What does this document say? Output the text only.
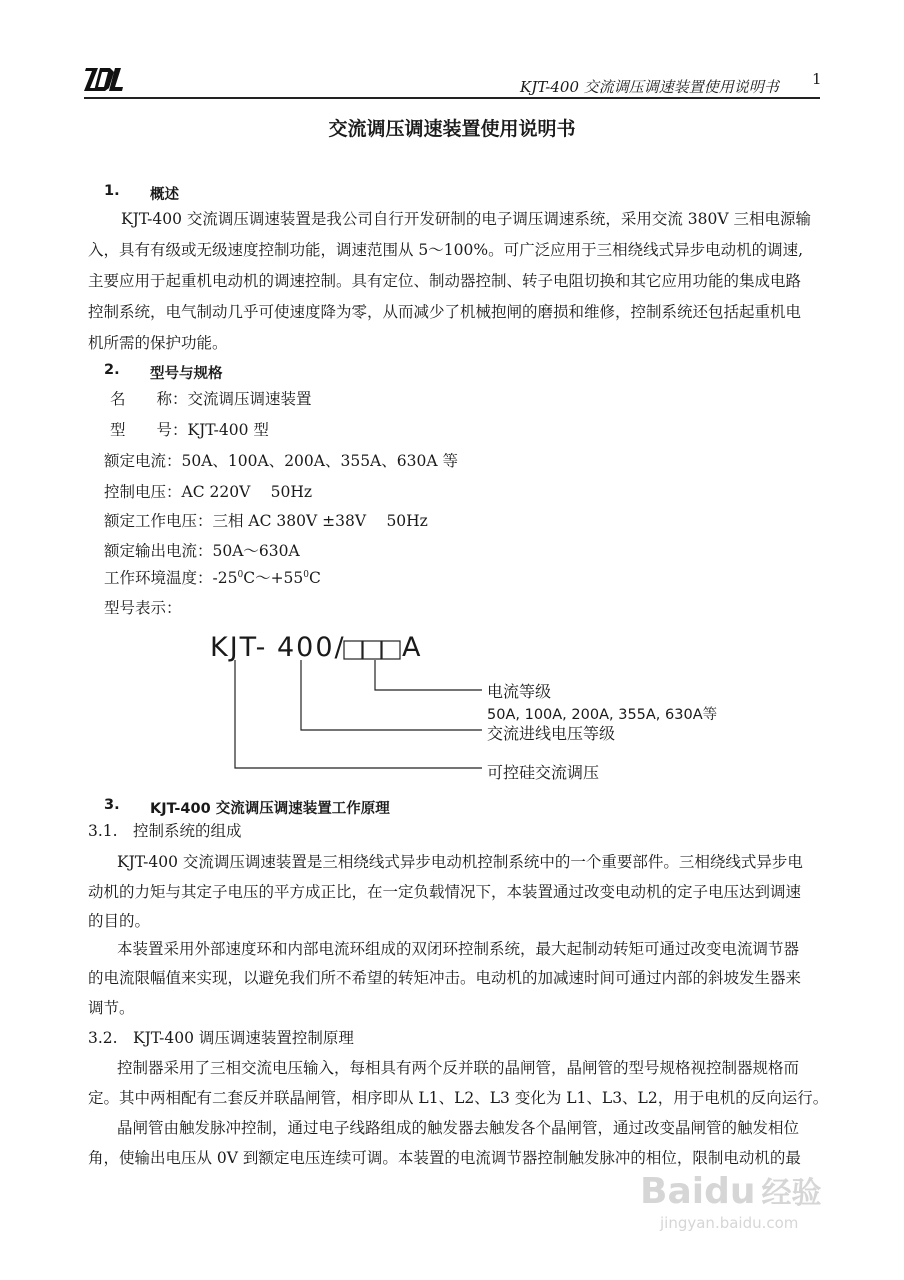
KJT-400 交流调压调速装置使用说明书 1
交流调压调速装置使用说明书
1. 概述
KJT-400 交流调压调速装置是我公司自行开发研制的电子调压调速系统，采用交流 380V 三相电源输
入，具有有级或无级速度控制功能，调速范围从 5～100%。可广泛应用于三相绕线式异步电动机的调速,
主要应用于起重机电动机的调速控制。具有定位、制动器控制、转子电阻切换和其它应用功能的集成电路
控制系统，电气制动几乎可使速度降为零，从而减少了机械抱闸的磨损和维修，控制系统还包括起重机电
机所需的保护功能。
2. 型号与规格
名　　称：交流调压调速装置
型　　号：KJT-400 型
额定电流：50A、100A、200A、355A、630A 等
控制电压：AC 220V　 50Hz
额定工作电压：三相 AC 380V ±38V　 50Hz
额定输出电流：50A～630A
工作环境温度：$-25^0C\sim+55^0C$
型号表示：
KJT- 400/ A
电流等级
50A, 100A, 200A, 355A, 630A等
交流进线电压等级
可控硅交流调压
3. KJT-400 交流调压调速装置工作原理
3.1. 控制系统的组成
KJT-400 交流调压调速装置是三相绕线式异步电动机控制系统中的一个重要部件。三相绕线式异步电
动机的力矩与其定子电压的平方成正比，在一定负载情况下，本装置通过改变电动机的定子电压达到调速
的目的。
本装置采用外部速度环和内部电流环组成的双闭环控制系统，最大起制动转矩可通过改变电流调节器
的电流限幅值来实现，以避免我们所不希望的转矩冲击。电动机的加减速时间可通过内部的斜坡发生器来
调节。
3.2. KJT-400 调压调速装置控制原理
控制器采用了三相交流电压输入，每相具有两个反并联的晶闸管，晶闸管的型号规格视控制器规格而
定。其中两相配有二套反并联晶闸管，相序即从 L1、L2、L3 变化为 L1、L3、L2，用于电机的反向运行。
晶闸管由触发脉冲控制，通过电子线路组成的触发器去触发各个晶闸管，通过改变晶闸管的触发相位
角，使输出电压从 0V 到额定电压连续可调。本装置的电流调节器控制触发脉冲的相位，限制电动机的最
Baidu 经验
jingyan.baidu.com
